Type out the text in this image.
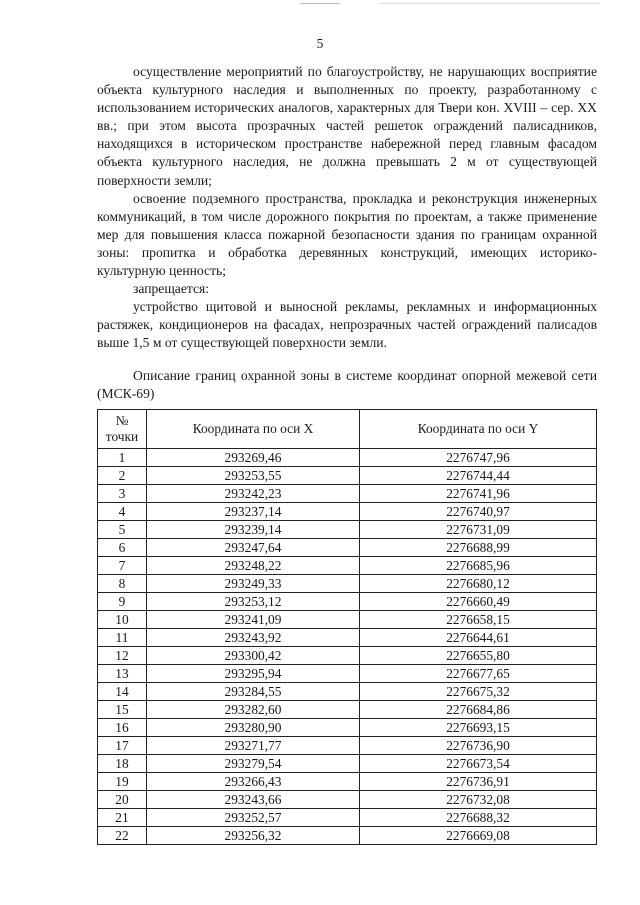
5

осуществление мероприятий по благоустройству, не нарушающих восприятие объекта культурного наследия и выполненных по проекту, разработанному с использованием исторических аналогов, характерных для Твери кон. XVIII – сер. XX вв.; при этом высота прозрачных частей решеток ограждений палисадников, находящихся в историческом пространстве набережной перед главным фасадом объекта культурного наследия, не должна превышать 2 м от существующей поверхности земли;

освоение подземного пространства, прокладка и реконструкция инженерных коммуникаций, в том числе дорожного покрытия по проектам, а также применение мер для повышения класса пожарной безопасности здания по границам охранной зоны: пропитка и обработка деревянных конструкций, имеющих историко-культурную ценность;

запрещается:

устройство щитовой и выносной рекламы, рекламных и информационных растяжек, кондиционеров на фасадах, непрозрачных частей ограждений палисадов выше 1,5 м от существующей поверхности земли.

Описание границ охранной зоны в системе координат опорной межевой сети (МСК-69)

№ точки	Координата по оси X	Координата по оси Y
1	293269,46	2276747,96
2	293253,55	2276744,44
3	293242,23	2276741,96
4	293237,14	2276740,97
5	293239,14	2276731,09
6	293247,64	2276688,99
7	293248,22	2276685,96
8	293249,33	2276680,12
9	293253,12	2276660,49
10	293241,09	2276658,15
11	293243,92	2276644,61
12	293300,42	2276655,80
13	293295,94	2276677,65
14	293284,55	2276675,32
15	293282,60	2276684,86
16	293280,90	2276693,15
17	293271,77	2276736,90
18	293279,54	2276673,54
19	293266,43	2276736,91
20	293243,66	2276732,08
21	293252,57	2276688,32
22	293256,32	2276669,08
